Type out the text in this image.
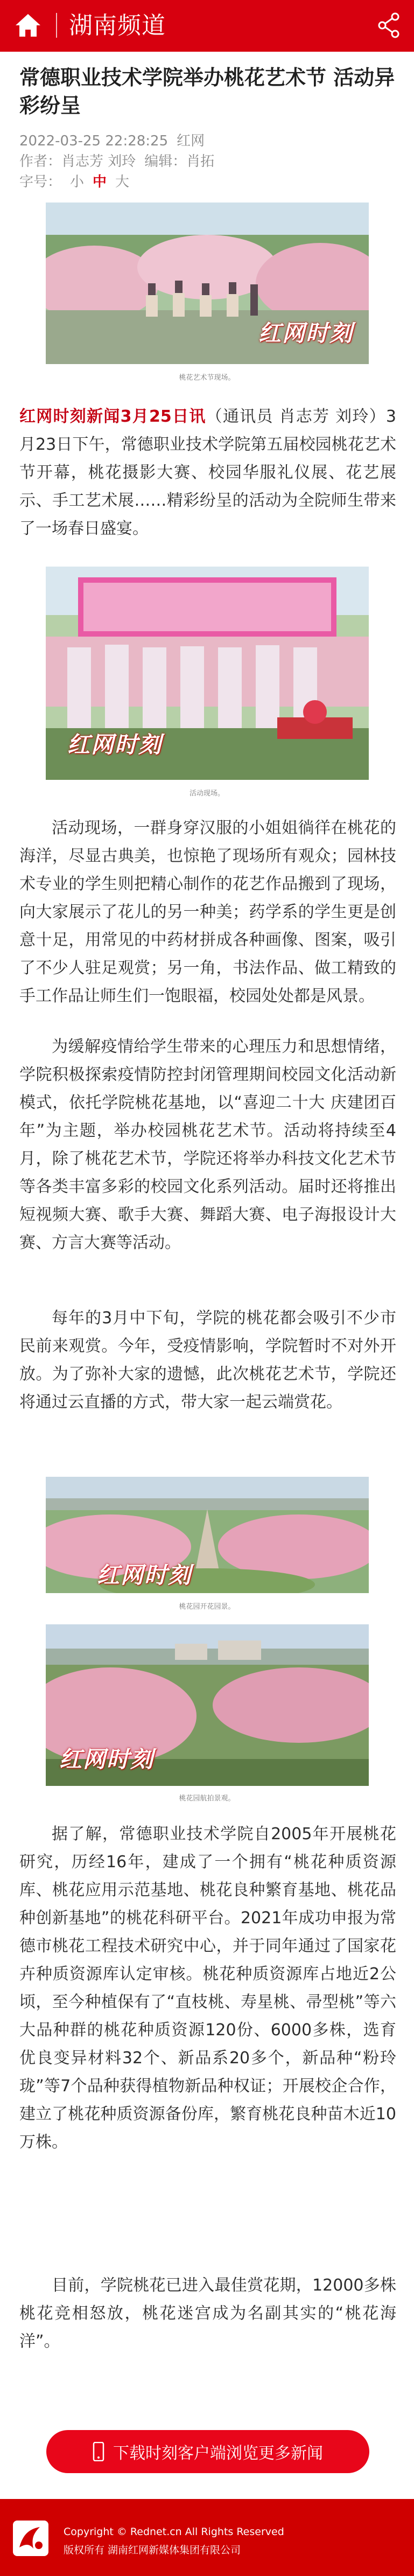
湖南频道
常德职业技术学院举办桃花艺术节 活动异彩纷呈
2022-03-25 22:28:25 红网
作者：肖志芳 刘玲 编辑：肖拓
字号： 小 中 大
红网时刻
桃花艺术节现场。

红网时刻新闻3月25日讯（通讯员 肖志芳 刘玲）3月23日下午，常德职业技术学院第五届校园桃花艺术节开幕，桃花摄影大赛、校园华服礼仪展、花艺展示、手工艺术展……精彩纷呈的活动为全院师生带来了一场春日盛宴。

红网时刻
活动现场。

活动现场，一群身穿汉服的小姐姐徜徉在桃花的海洋，尽显古典美，也惊艳了现场所有观众；园林技术专业的学生则把精心制作的花艺作品搬到了现场，向大家展示了花儿的另一种美；药学系的学生更是创意十足，用常见的中药材拼成各种画像、图案，吸引了不少人驻足观赏；另一角，书法作品、做工精致的手工作品让师生们一饱眼福，校园处处都是风景。

为缓解疫情给学生带来的心理压力和思想情绪，学院积极探索疫情防控封闭管理期间校园文化活动新模式，依托学院桃花基地，以“喜迎二十大 庆建团百年”为主题，举办校园桃花艺术节。活动将持续至4月，除了桃花艺术节，学院还将举办科技文化艺术节等各类丰富多彩的校园文化系列活动。届时还将推出短视频大赛、歌手大赛、舞蹈大赛、电子海报设计大赛、方言大赛等活动。

每年的3月中下旬，学院的桃花都会吸引不少市民前来观赏。今年，受疫情影响，学院暂时不对外开放。为了弥补大家的遗憾，此次桃花艺术节，学院还将通过云直播的方式，带大家一起云端赏花。

红网时刻
桃花园开花园景。
红网时刻
桃花园航拍景观。

据了解，常德职业技术学院自2005年开展桃花研究，历经16年，建成了一个拥有“桃花种质资源库、桃花应用示范基地、桃花良种繁育基地、桃花品种创新基地”的桃花科研平台。2021年成功申报为常德市桃花工程技术研究中心，并于同年通过了国家花卉种质资源库认定审核。桃花种质资源库占地近2公顷，至今种植保有了“直枝桃、寿星桃、帚型桃”等六大品种群的桃花种质资源120份、6000多株，选育优良变异材料32个、新品系20多个，新品种“粉玲珑”等7个品种获得植物新品种权证；开展校企合作，建立了桃花种质资源备份库，繁育桃花良种苗木近10万株。

目前，学院桃花已进入最佳赏花期，12000多株桃花竞相怒放，桃花迷宫成为名副其实的“桃花海洋”。

下载时刻客户端浏览更多新闻
Copyright © Rednet.cn All Rights Reserved
版权所有 湖南红网新媒体集团有限公司
